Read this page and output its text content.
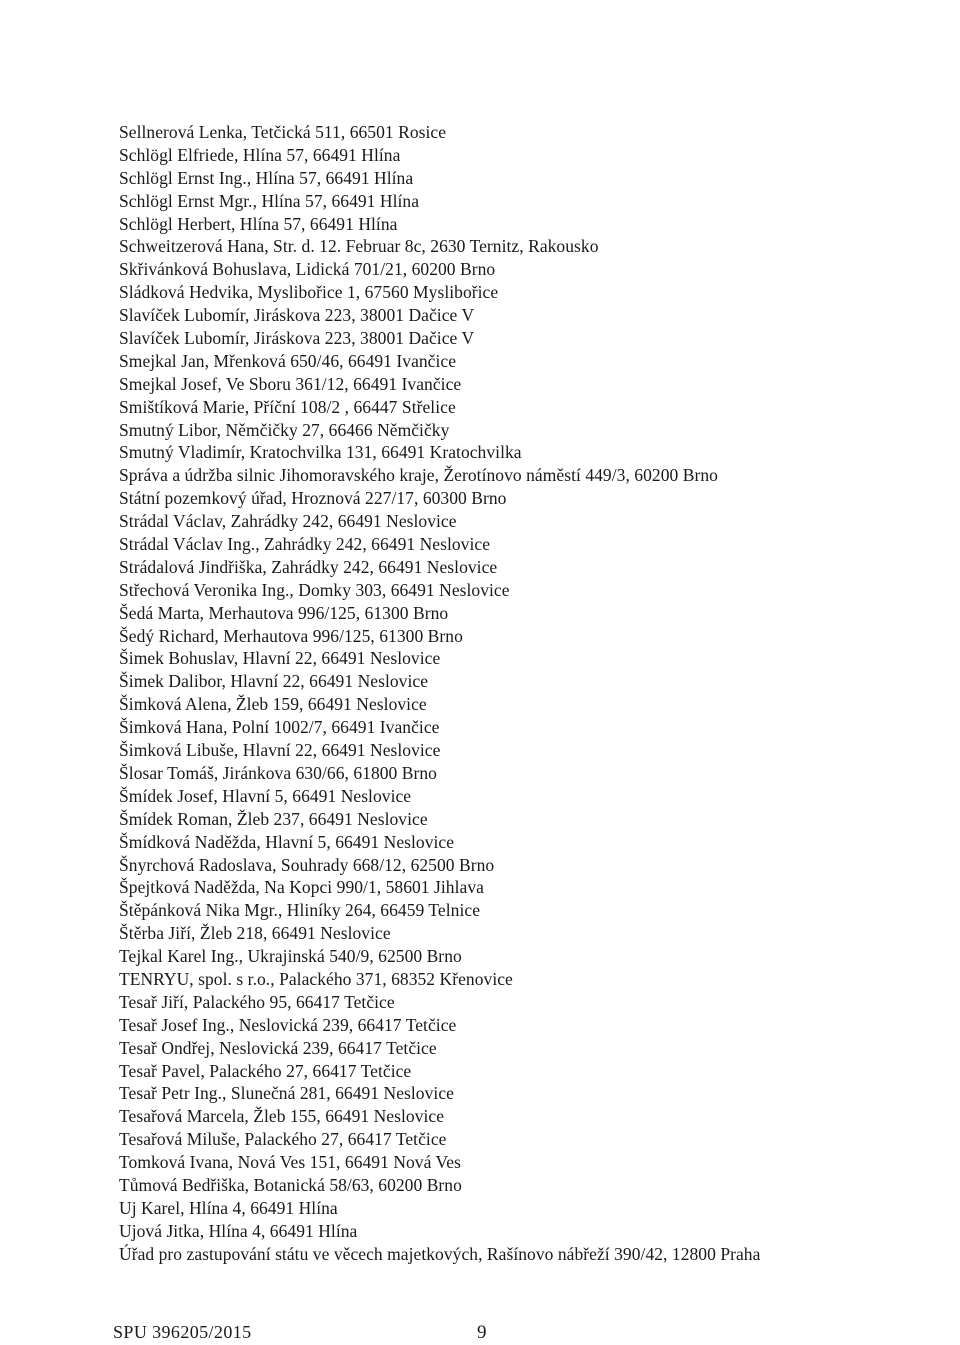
Sellnerová Lenka, Tetčická 511, 66501 Rosice
Schlögl Elfriede, Hlína 57, 66491 Hlína
Schlögl Ernst Ing., Hlína 57, 66491 Hlína
Schlögl Ernst Mgr., Hlína 57, 66491 Hlína
Schlögl Herbert, Hlína 57, 66491 Hlína
Schweitzerová Hana, Str. d. 12. Februar 8c, 2630 Ternitz, Rakousko
Skřivánková Bohuslava, Lidická 701/21, 60200 Brno
Sládková Hedvika, Myslibořice 1, 67560 Myslibořice
Slavíček Lubomír, Jiráskova 223, 38001 Dačice V
Slavíček Lubomír, Jiráskova 223, 38001 Dačice V
Smejkal Jan, Mřenková 650/46, 66491 Ivančice
Smejkal Josef, Ve Sboru 361/12, 66491 Ivančice
Smištíková Marie, Příční 108/2 , 66447 Střelice
Smutný Libor, Němčičky 27, 66466 Němčičky
Smutný Vladimír, Kratochvilka 131, 66491 Kratochvilka
Správa a údržba silnic Jihomoravského kraje, Žerotínovo náměstí 449/3, 60200 Brno
Státní pozemkový úřad, Hroznová 227/17, 60300 Brno
Strádal Václav, Zahrádky 242, 66491 Neslovice
Strádal Václav Ing., Zahrádky 242, 66491 Neslovice
Strádalová Jindřiška, Zahrádky 242, 66491 Neslovice
Střechová Veronika Ing., Domky 303, 66491 Neslovice
Šedá Marta, Merhautova 996/125, 61300 Brno
Šedý Richard, Merhautova 996/125, 61300 Brno
Šimek Bohuslav, Hlavní 22, 66491 Neslovice
Šimek Dalibor, Hlavní 22, 66491 Neslovice
Šimková Alena, Žleb 159, 66491 Neslovice
Šimková Hana, Polní 1002/7, 66491 Ivančice
Šimková Libuše, Hlavní 22, 66491 Neslovice
Šlosar Tomáš, Jiránkova 630/66, 61800 Brno
Šmídek Josef, Hlavní 5, 66491 Neslovice
Šmídek Roman, Žleb 237, 66491 Neslovice
Šmídková Naděžda, Hlavní 5, 66491 Neslovice
Šnyrchová Radoslava, Souhrady 668/12, 62500 Brno
Špejtková Naděžda, Na Kopci 990/1, 58601 Jihlava
Štěpánková Nika Mgr., Hliníky 264, 66459 Telnice
Štěrba Jiří, Žleb 218, 66491 Neslovice
Tejkal Karel Ing., Ukrajinská 540/9, 62500 Brno
TENRYU, spol. s r.o., Palackého 371, 68352 Křenovice
Tesař Jiří, Palackého 95, 66417 Tetčice
Tesař Josef Ing., Neslovická 239, 66417 Tetčice
Tesař Ondřej, Neslovická 239, 66417 Tetčice
Tesař Pavel, Palackého 27, 66417 Tetčice
Tesař Petr Ing., Slunečná 281, 66491 Neslovice
Tesařová Marcela, Žleb 155, 66491 Neslovice
Tesařová Miluše, Palackého 27, 66417 Tetčice
Tomková Ivana, Nová Ves 151, 66491 Nová Ves
Tůmová Bedřiška, Botanická 58/63, 60200 Brno
Uj Karel, Hlína 4, 66491 Hlína
Ujová Jitka, Hlína 4, 66491 Hlína
Úřad pro zastupování státu ve věcech majetkových, Rašínovo nábřeží 390/42, 12800 Praha
SPU 396205/2015	9
